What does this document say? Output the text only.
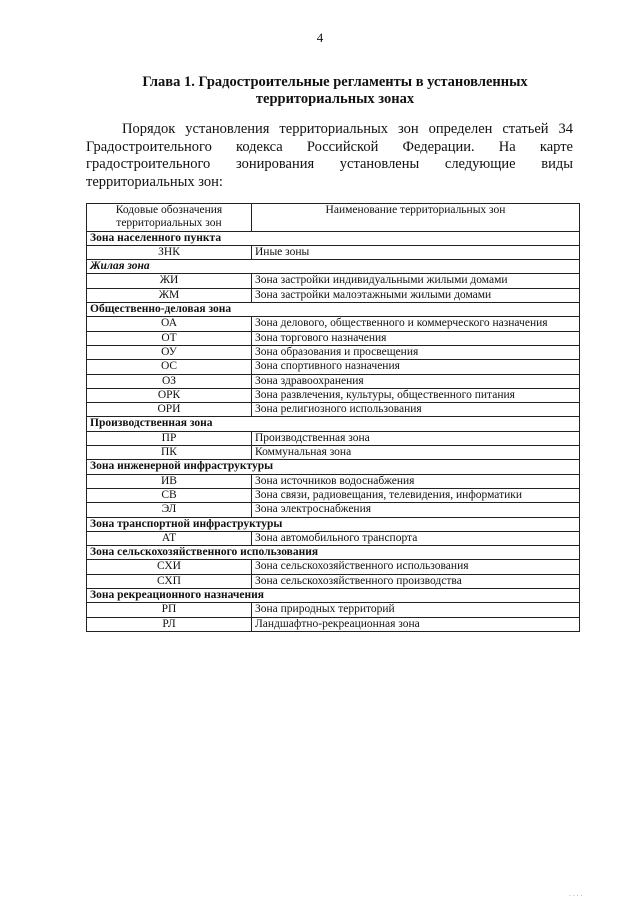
4
Глава 1. Градостроительные регламенты в установленных
территориальных зонах
Порядок установления территориальных зон определен статьей 34 Градостроительного кодекса Российской Федерации. На карте градостроительного зонирования установлены следующие виды территориальных зон:
Кодовые обозначения территориальных зон	Наименование территориальных зон
Зона населенного пункта	
ЗНК	Иные зоны
Жилая зона	
ЖИ	Зона застройки индивидуальными жилыми домами
ЖМ	Зона застройки малоэтажными жилыми домами
Общественно-деловая зона	
ОА	Зона делового, общественного и коммерческого назначения
ОТ	Зона торгового назначения
ОУ	Зона образования и просвещения
ОС	Зона спортивного назначения
ОЗ	Зона здравоохранения
ОРК	Зона развлечения, культуры, общественного питания
ОРИ	Зона религиозного использования
Производственная зона	
ПР	Производственная зона
ПК	Коммунальная зона
Зона инженерной инфраструктуры	
ИВ	Зона источников водоснабжения
СВ	Зона связи, радиовещания, телевидения, информатики
ЭЛ	Зона электроснабжения
Зона транспортной инфраструктуры	
АТ	Зона автомобильного транспорта
Зона сельскохозяйственного использования	
СХИ	Зона сельскохозяйственного использования
СХП	Зона сельскохозяйственного производства
Зона рекреационного назначения	
РП	Зона природных территорий
РЛ	Ландшафтно-рекреационная зона
· · · ·
